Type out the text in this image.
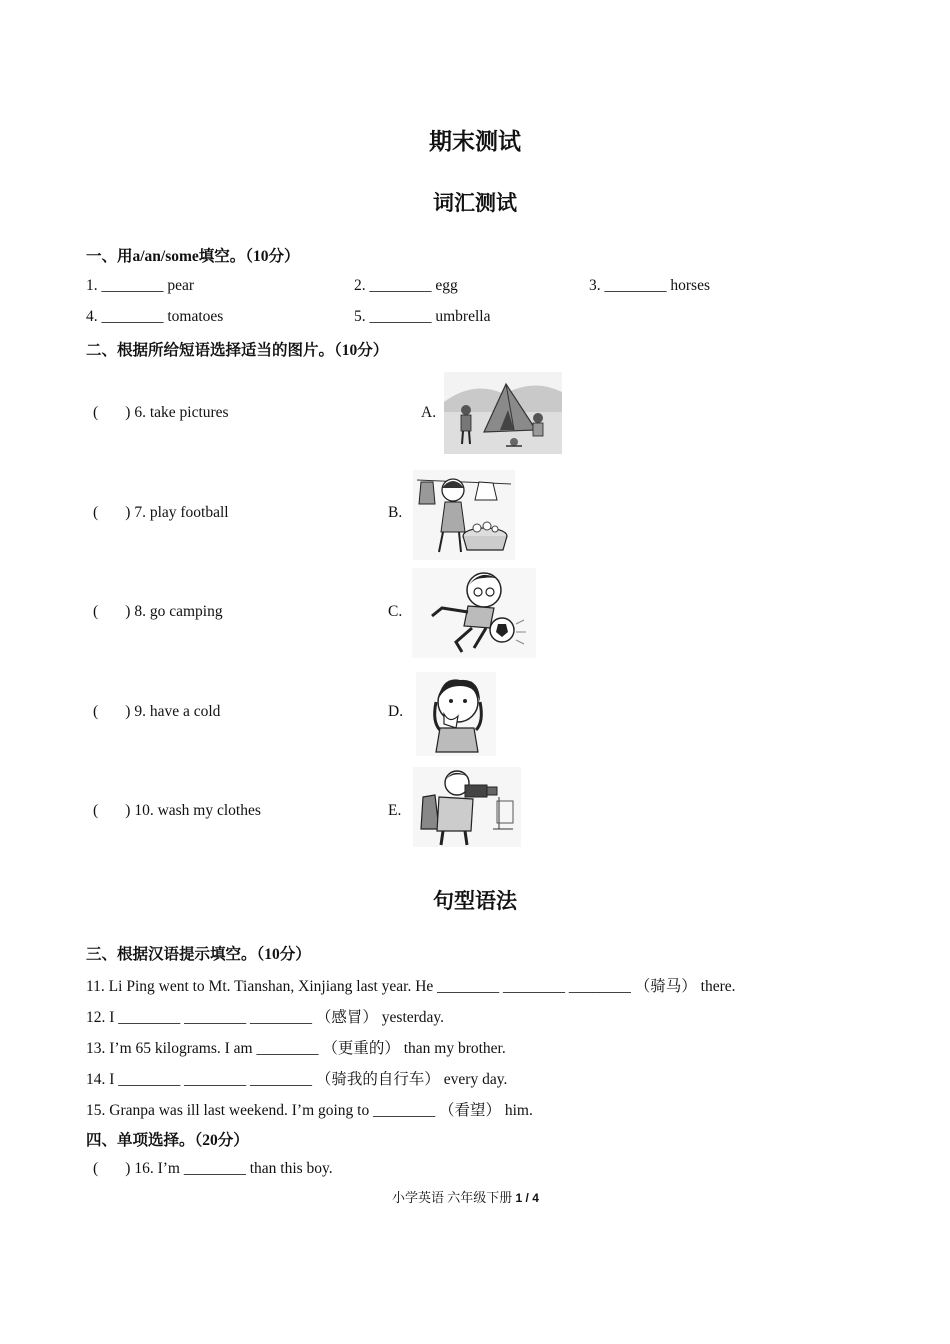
期末测试
词汇测试
一、用a/an/some填空。（10分）
1. ________ pear	2. ________ egg	3. ________ horses
4. ________ tomatoes	5. ________ umbrella
二、根据所给短语选择适当的图片。（10分）
(       ) 6. take pictures	A.
(       ) 7. play football	B.
(       ) 8. go camping	C.
(       ) 9. have a cold	D.
(       ) 10. wash my clothes	E.
句型语法
三、根据汉语提示填空。（10分）
11. Li Ping went to Mt. Tianshan, Xinjiang last year. He ________ ________ ________ （骑马） there.
12. I ________ ________ ________ （感冒） yesterday.
13. I’m 65 kilograms. I am ________ （更重的） than my brother.
14. I ________ ________ ________ （骑我的自行车） every day.
15. Granpa was ill last weekend. I’m going to ________ （看望） him.
四、单项选择。（20分）
(       ) 16. I’m ________ than this boy.
小学英语 六年级下册 1 / 4
